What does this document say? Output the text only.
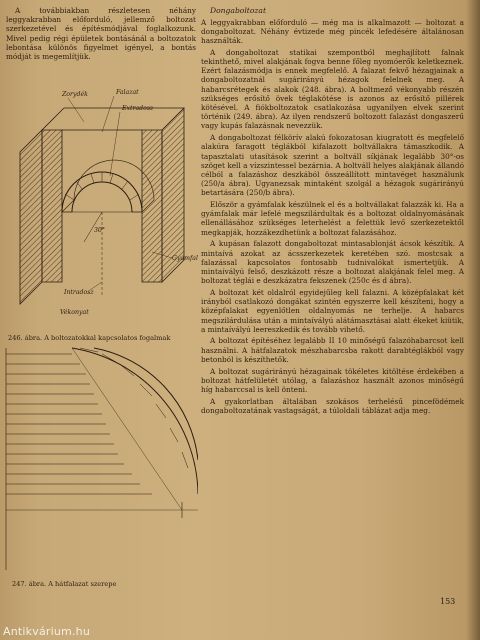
A továbbiakban részletesen néhány leggyakrabban előforduló, jellemző boltozat szerkezetével és építésmódjával foglalkozunk. Mivel pedig régi épületek bontásánál a boltozatok lebontása különös figyelmet igényel, a bontás módját is megemlítjük.

30°
Zorydék	Falazat
Extradosz
Gyámfal
Intradosz
Vékonyat
246. ábra. A boltozatokkal kapcsolatos fogalmak
247. ábra. A hátfalazat szerepe

Dongaboltozat

A leggyakrabban előforduló — még ma is alkalmazott — boltozat a dongaboltozat. Néhány évtizede még pincék lefedésére általánosan használták.

A dongaboltozat statikai szempontból meghajlított falnak tekinthető, mivel alakjának fogva benne főleg nyomóerők keletkeznek. Ezért falazásmódja is ennek megfelelő. A falazat fekvő hézagjainak a dongaboltozatnál sugárirányú hézagok felelnek meg. A habarcsrétegek és alakok (248. ábra). A boltmező vékonyabb részén szükséges erősítő övek téglakötése is azonos az erősítő pillérek kötésével. A fiókboltozatok csatlakozása ugyanilyen elvek szerint történik (249. ábra). Az ilyen rendszerű boltozott falazást dongaszerű vagy kupás falazásnak nevezzük.

A dongaboltozat félkörív alakú fokozatosan kiugratott és megfelelő alakúra faragott téglákból kifalazott boltvállakra támaszkodik. A tapasztalati utasítások szerint a boltváll síkjának legalább 30°-os szöget kell a vízszintessel bezárnia. A boltváll helyes alakjának állandó célból a falazáshoz deszkából összeállított mintavéget használunk (250/a ábra). Ugyanezsak mintaként szolgál a hézagok sugárirányú betartására (250/b ábra).

Először a gyámfalak készülnek el és a boltvállakat falazzák ki. Ha a gyámfalak már lefelé megszilárdultak és a boltozat oldalnyomásának ellenállásához szükséges leterhelést a felettük levő szerkezetektől megkapják, hozzákezdhetünk a boltozat falazásához.

A kupásan falazott dongaboltozat mintasablonját ácsok készítik. A mintaívá azokat az ácsszerkezetek keretében szó. mostcsak a falazással kapcsolatos fontosabb tudnivalókat ismertetjük. A mintaívályú felső, deszkázott része a boltozat alakjának felel meg. A boltozat téglái e deszkázatra fekszenek (250c és d ábra).

A boltozat két oldalról egyidejűleg kell falazni. A középfalakat két irányból csatlakozó dongákat szintén egyszerre kell készíteni, hogy a középfalakat egyenlőtlen oldalnyomás ne terhelje. A habarcs megszilárdulása után a mintaívályú alátámasztásai alatt ékeket kiütik, a mintaívályú leereszkedik és tovább vihető.

A boltozat építéséhez legalább II 10 minőségű falazóhabarcsot kell használni. A hátfalazatok mészhabarcsba rakott darabtéglákból vagy betonból is készíthetők.

A boltozat sugárirányú hézagainak tökéletes kitöltése érdekében a boltozat hátfelületét utólag, a falazáshoz használt azonos minőségű híg habarccsal is kell önteni.

A gyakorlatban általában szokásos terhelésű pincefödémek dongaboltozatának vastagságát, a túloldali táblázat adja meg.

153
Antikvárium.hu
